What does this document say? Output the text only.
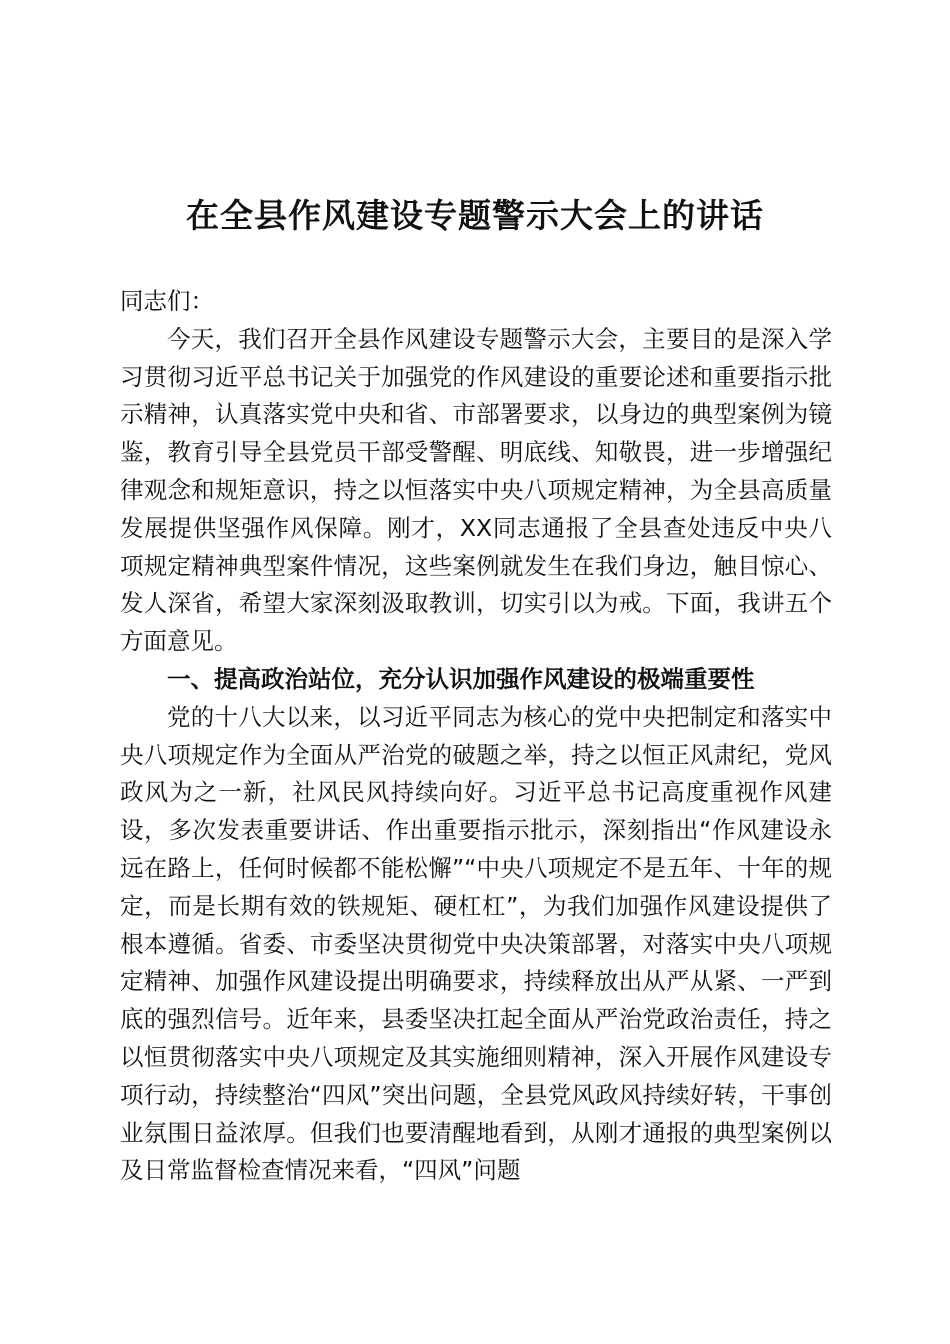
在全县作风建设专题警示大会上的讲话

同志们：

今天，我们召开全县作风建设专题警示大会，主要目的是深入学习贯彻习近平总书记关于加强党的作风建设的重要论述和重要指示批示精神，认真落实党中央和省、市部署要求，以身边的典型案例为镜鉴，教育引导全县党员干部受警醒、明底线、知敬畏，进一步增强纪律观念和规矩意识，持之以恒落实中央八项规定精神，为全县高质量发展提供坚强作风保障。刚才，XX同志通报了全县查处违反中央八项规定精神典型案件情况，这些案例就发生在我们身边，触目惊心、发人深省，希望大家深刻汲取教训，切实引以为戒。下面，我讲五个方面意见。

一、提高政治站位，充分认识加强作风建设的极端重要性

党的十八大以来，以习近平同志为核心的党中央把制定和落实中央八项规定作为全面从严治党的破题之举，持之以恒正风肃纪，党风政风为之一新，社风民风持续向好。习近平总书记高度重视作风建设，多次发表重要讲话、作出重要指示批示，深刻指出“作风建设永远在路上，任何时候都不能松懈”“中央八项规定不是五年、十年的规定，而是长期有效的铁规矩、硬杠杠”，为我们加强作风建设提供了根本遵循。省委、市委坚决贯彻党中央决策部署，对落实中央八项规定精神、加强作风建设提出明确要求，持续释放出从严从紧、一严到底的强烈信号。近年来，县委坚决扛起全面从严治党政治责任，持之以恒贯彻落实中央八项规定及其实施细则精神，深入开展作风建设专项行动，持续整治“四风”突出问题，全县党风政风持续好转，干事创业氛围日益浓厚。但我们也要清醒地看到，从刚才通报的典型案例以及日常监督检查情况来看，“四风”问题
